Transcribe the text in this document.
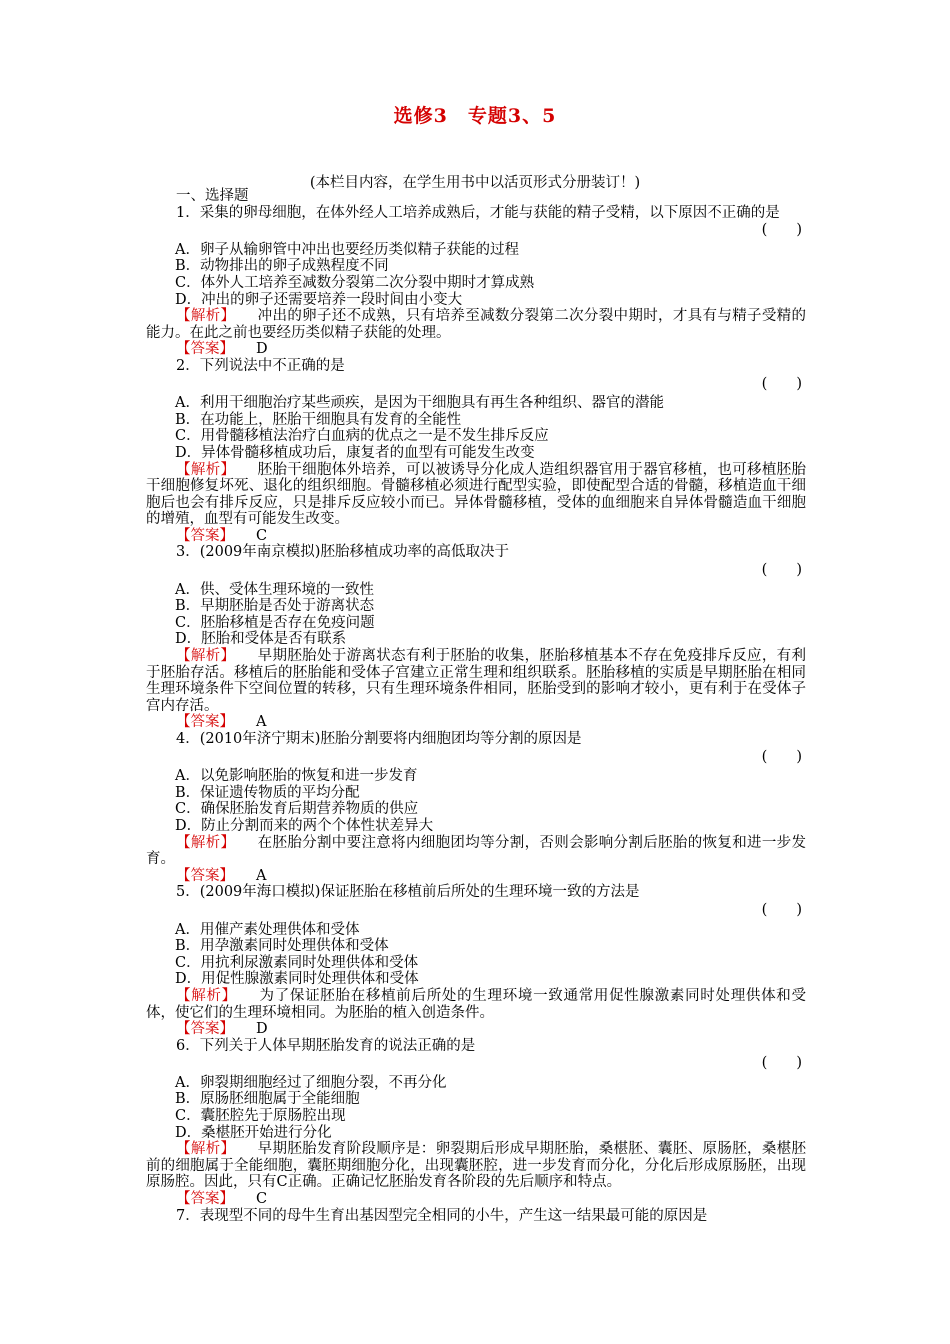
选修3　专题3、5
(本栏目内容，在学生用书中以活页形式分册装订！)
一、选择题
1．采集的卵母细胞，在体外经人工培养成熟后，才能与获能的精子受精，以下原因不正确的是
(　　)
A．卵子从输卵管中冲出也要经历类似精子获能的过程
B．动物排出的卵子成熟程度不同
C．体外人工培养至减数分裂第二次分裂中期时才算成熟
D．冲出的卵子还需要培养一段时间由小变大
【解析】 冲出的卵子还不成熟，只有培养至减数分裂第二次分裂中期时，才具有与精子受精的能力。在此之前也要经历类似精子获能的处理。
【答案】 D
2．下列说法中不正确的是
(　　)
A．利用干细胞治疗某些顽疾，是因为干细胞具有再生各种组织、器官的潜能
B．在功能上，胚胎干细胞具有发育的全能性
C．用骨髓移植法治疗白血病的优点之一是不发生排斥反应
D．异体骨髓移植成功后，康复者的血型有可能发生改变
【解析】 胚胎干细胞体外培养，可以被诱导分化成人造组织器官用于器官移植，也可移植胚胎干细胞修复坏死、退化的组织细胞。骨髓移植必须进行配型实验，即使配型合适的骨髓，移植造血干细胞后也会有排斥反应，只是排斥反应较小而已。异体骨髓移植，受体的血细胞来自异体骨髓造血干细胞的增殖，血型有可能发生改变。
【答案】 C
3．(2009年南京模拟)胚胎移植成功率的高低取决于
(　　)
A．供、受体生理环境的一致性
B．早期胚胎是否处于游离状态
C．胚胎移植是否存在免疫问题
D．胚胎和受体是否有联系
【解析】 早期胚胎处于游离状态有利于胚胎的收集，胚胎移植基本不存在免疫排斥反应，有利于胚胎存活。移植后的胚胎能和受体子宫建立正常生理和组织联系。胚胎移植的实质是早期胚胎在相同生理环境条件下空间位置的转移，只有生理环境条件相同，胚胎受到的影响才较小，更有利于在受体子宫内存活。
【答案】 A
4．(2010年济宁期末)胚胎分割要将内细胞团均等分割的原因是
(　　)
A．以免影响胚胎的恢复和进一步发育
B．保证遗传物质的平均分配
C．确保胚胎发育后期营养物质的供应
D．防止分割而来的两个个体性状差异大
【解析】 在胚胎分割中要注意将内细胞团均等分割，否则会影响分割后胚胎的恢复和进一步发育。
【答案】 A
5．(2009年海口模拟)保证胚胎在移植前后所处的生理环境一致的方法是
(　　)
A．用催产素处理供体和受体
B．用孕激素同时处理供体和受体
C．用抗利尿激素同时处理供体和受体
D．用促性腺激素同时处理供体和受体
【解析】 为了保证胚胎在移植前后所处的生理环境一致通常用促性腺激素同时处理供体和受体，使它们的生理环境相同。为胚胎的植入创造条件。
【答案】 D
6．下列关于人体早期胚胎发育的说法正确的是
(　　)
A．卵裂期细胞经过了细胞分裂，不再分化
B．原肠胚细胞属于全能细胞
C．囊胚腔先于原肠腔出现
D．桑椹胚开始进行分化
【解析】 早期胚胎发育阶段顺序是：卵裂期后形成早期胚胎，桑椹胚、囊胚、原肠胚，桑椹胚前的细胞属于全能细胞，囊胚期细胞分化，出现囊胚腔，进一步发育而分化，分化后形成原肠胚，出现原肠腔。因此，只有C正确。正确记忆胚胎发育各阶段的先后顺序和特点。
【答案】 C
7．表现型不同的母牛生育出基因型完全相同的小牛，产生这一结果最可能的原因是
